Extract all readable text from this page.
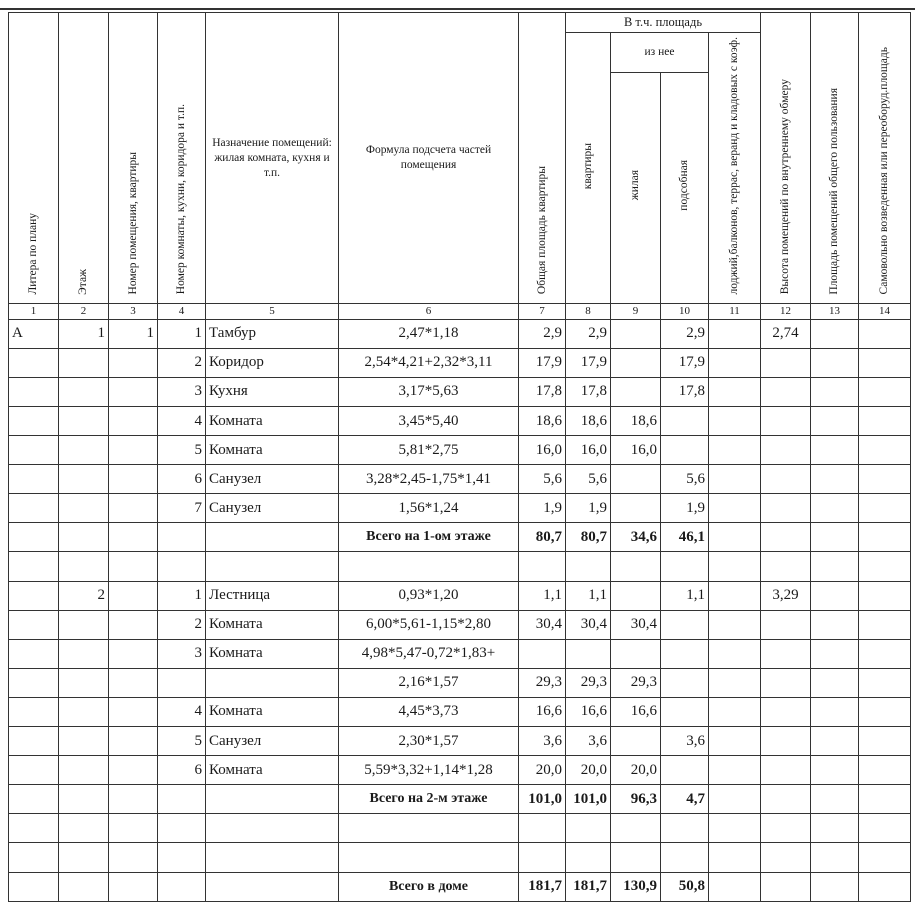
Литера по плану	Этаж	Номер помещения, квартиры	Номер комнаты, кухни, коридора и т.п.	Назначение помещений: жилая комната, кухня и т.п.	Формула подсчета частей помещения	Общая площадь квартиры	В т.ч. площадь				Высота помещений по внутреннему обмеру	Площадь помещений общего пользования	Самовольно возведенная или переоборуд.площадь
							квартиры	из нее		лоджий,балконов, террас, веранд и кладовых с коэф.			
								жилая	подсобная				
1	2	3	4	5	6	7	8	9	10	11	12	13	14
А	1	1	1	Тамбур	2,47*1,18	2,9	2,9		2,9		2,74		
			2	Коридор	2,54*4,21+2,32*3,11	17,9	17,9		17,9				
			3	Кухня	3,17*5,63	17,8	17,8		17,8				
			4	Комната	3,45*5,40	18,6	18,6	18,6					
			5	Комната	5,81*2,75	16,0	16,0	16,0					
			6	Санузел	3,28*2,45-1,75*1,41	5,6	5,6		5,6				
			7	Санузел	1,56*1,24	1,9	1,9		1,9				
					Всего на 1-ом этаже	80,7	80,7	34,6	46,1				

	2		1	Лестница	0,93*1,20	1,1	1,1		1,1		3,29		
			2	Комната	6,00*5,61-1,15*2,80	30,4	30,4	30,4					
			3	Комната	4,98*5,47-0,72*1,83+								
					2,16*1,57	29,3	29,3	29,3					
			4	Комната	4,45*3,73	16,6	16,6	16,6					
			5	Санузел	2,30*1,57	3,6	3,6		3,6				
			6	Комната	5,59*3,32+1,14*1,28	20,0	20,0	20,0					
					Всего на 2-м этаже	101,0	101,0	96,3	4,7				

					Всего в доме	181,7	181,7	130,9	50,8				
